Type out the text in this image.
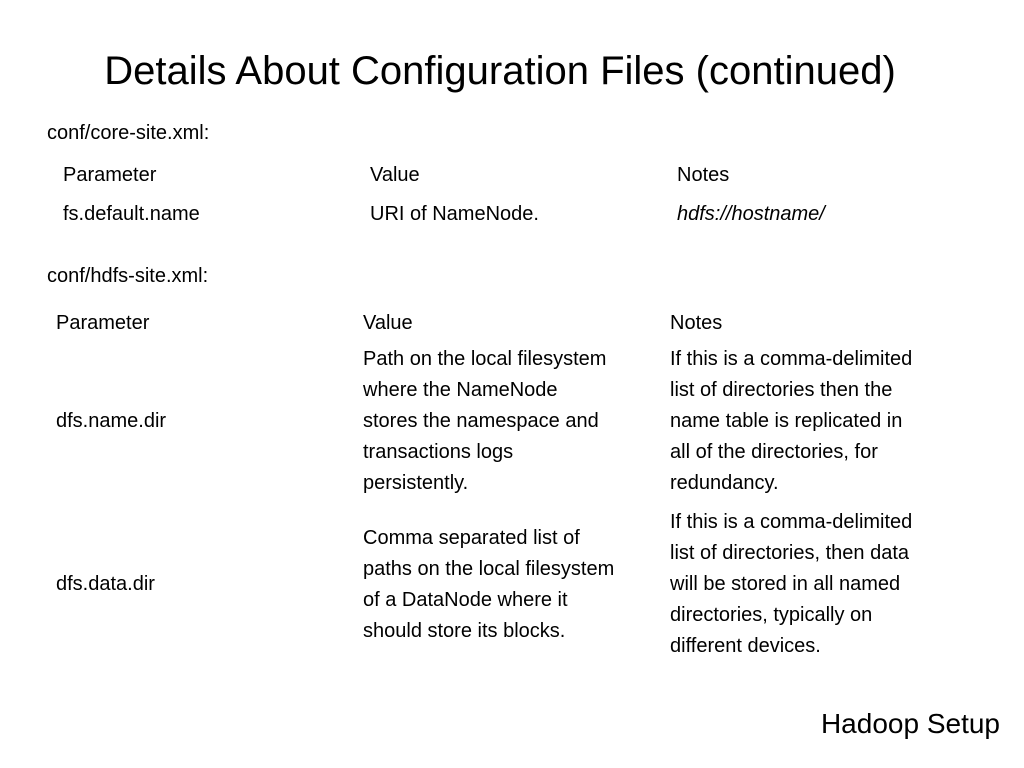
Details About Configuration Files (continued)

conf/core-site.xml:

Parameter	Value	Notes
fs.default.name	URI of NameNode.	hdfs://hostname/

conf/hdfs-site.xml:

Parameter	Value	Notes
dfs.name.dir	Path on the local filesystem
where the NameNode
stores the namespace and
transactions logs
persistently.	If this is a comma-delimited
list of directories then the
name table is replicated in
all of the directories, for
redundancy.
dfs.data.dir	Comma separated list of
paths on the local filesystem
of a DataNode where it
should store its blocks.	If this is a comma-delimited
list of directories, then data
will be stored in all named
directories, typically on
different devices.

Hadoop Setup
